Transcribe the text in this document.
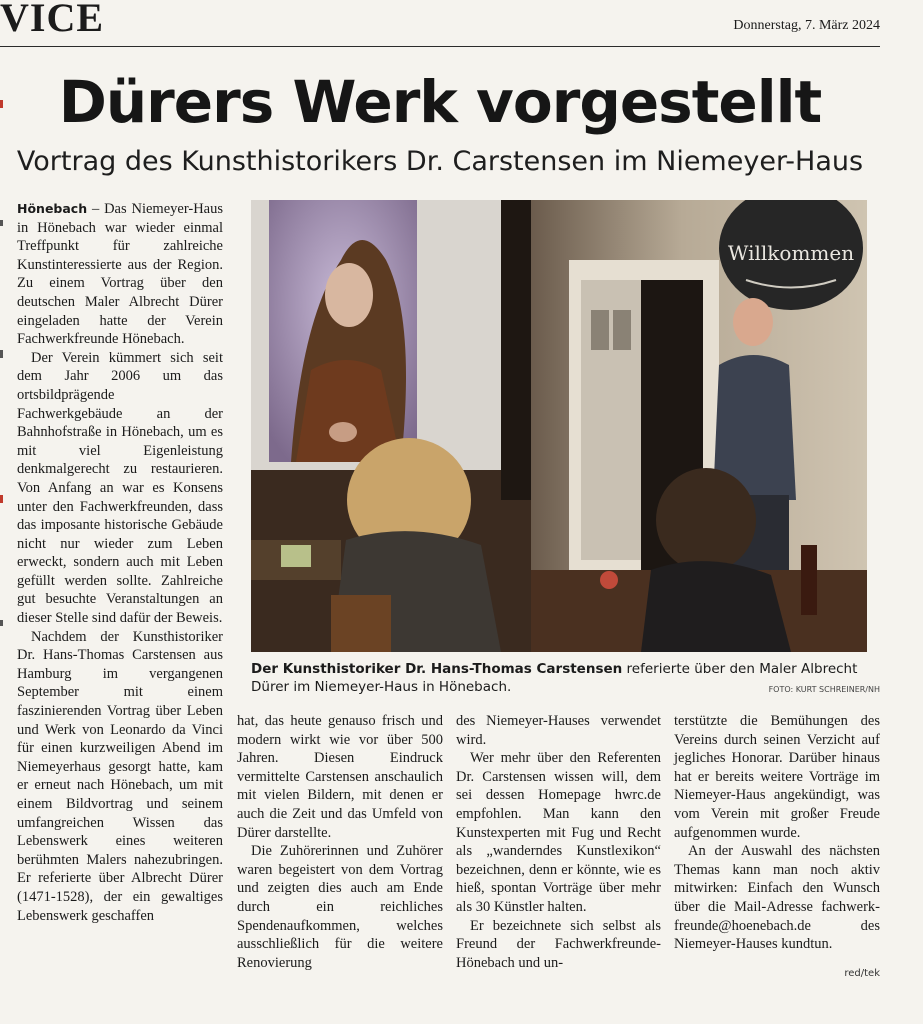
VICE	Donnerstag, 7. März 2024
Dürers Werk vorgestellt
Vortrag des Kunsthistorikers Dr. Carstensen im Niemeyer-Haus

Hönebach – Das Niemeyer-Haus in Hönebach war wieder einmal Treffpunkt für zahlreiche Kunstinteressierte aus der Region. Zu einem Vortrag über den deutschen Maler Albrecht Dürer eingeladen hatte der Verein Fachwerkfreunde Hönebach.

Der Verein kümmert sich seit dem Jahr 2006 um das ortsbildprägende Fachwerkgebäude an der Bahnhofstraße in Hönebach, um es mit viel Eigenleistung denkmalgerecht zu restaurieren. Von Anfang an war es Konsens unter den Fachwerkfreunden, dass das imposante historische Gebäude nicht nur wieder zum Leben erweckt, sondern auch mit Leben gefüllt werden sollte. Zahlreiche gut besuchte Veranstaltungen an dieser Stelle sind dafür der Beweis.

Nachdem der Kunsthistoriker Dr. Hans-Thomas Carstensen aus Hamburg im vergangenen September mit einem faszinierenden Vortrag über Leben und Werk von Leonardo da Vinci für einen kurzweiligen Abend im Niemeyerhaus gesorgt hatte, kam er erneut nach Hönebach, um mit einem Bildvortrag und seinem umfangreichen Wissen das Lebenswerk eines weiteren berühmten Malers nahezubringen. Er referierte über Albrecht Dürer (1471-1528), der ein gewaltiges Lebenswerk geschaffen

hat, das heute genauso frisch und modern wirkt wie vor über 500 Jahren. Diesen Eindruck vermittelte Carstensen anschaulich mit vielen Bildern, mit denen er auch die Zeit und das Umfeld von Dürer darstellte.

Die Zuhörerinnen und Zuhörer waren begeistert von dem Vortrag und zeigten dies auch am Ende durch ein reichliches Spendenaufkommen, welches ausschließlich für die weitere Renovierung

des Niemeyer-Hauses verwendet wird.

Wer mehr über den Referenten Dr. Carstensen wissen will, dem sei dessen Homepage hwrc.de empfohlen. Man kann den Kunstexperten mit Fug und Recht als „wanderndes Kunstlexikon“ bezeichnen, denn er könnte, wie es hieß, spontan Vorträge über mehr als 30 Künstler halten.

Er bezeichnete sich selbst als Freund der Fachwerkfreunde-Hönebach und un-

terstützte die Bemühungen des Vereins durch seinen Verzicht auf jegliches Honorar. Darüber hinaus hat er bereits weitere Vorträge im Niemeyer-Haus angekündigt, was vom Verein mit großer Freude aufgenommen wurde.

An der Auswahl des nächsten Themas kann man noch aktiv mitwirken: Einfach den Wunsch über die Mail-Adresse fachwerk-freunde@hoenebach.de des Niemeyer-Hauses kundtun.

Willkommen
Der Kunsthistoriker Dr. Hans-Thomas Carstensen referierte über den Maler Albrecht Dürer im Niemeyer-Haus in Hönebach.	FOTO: KURT SCHREINER/NH
red/tek
